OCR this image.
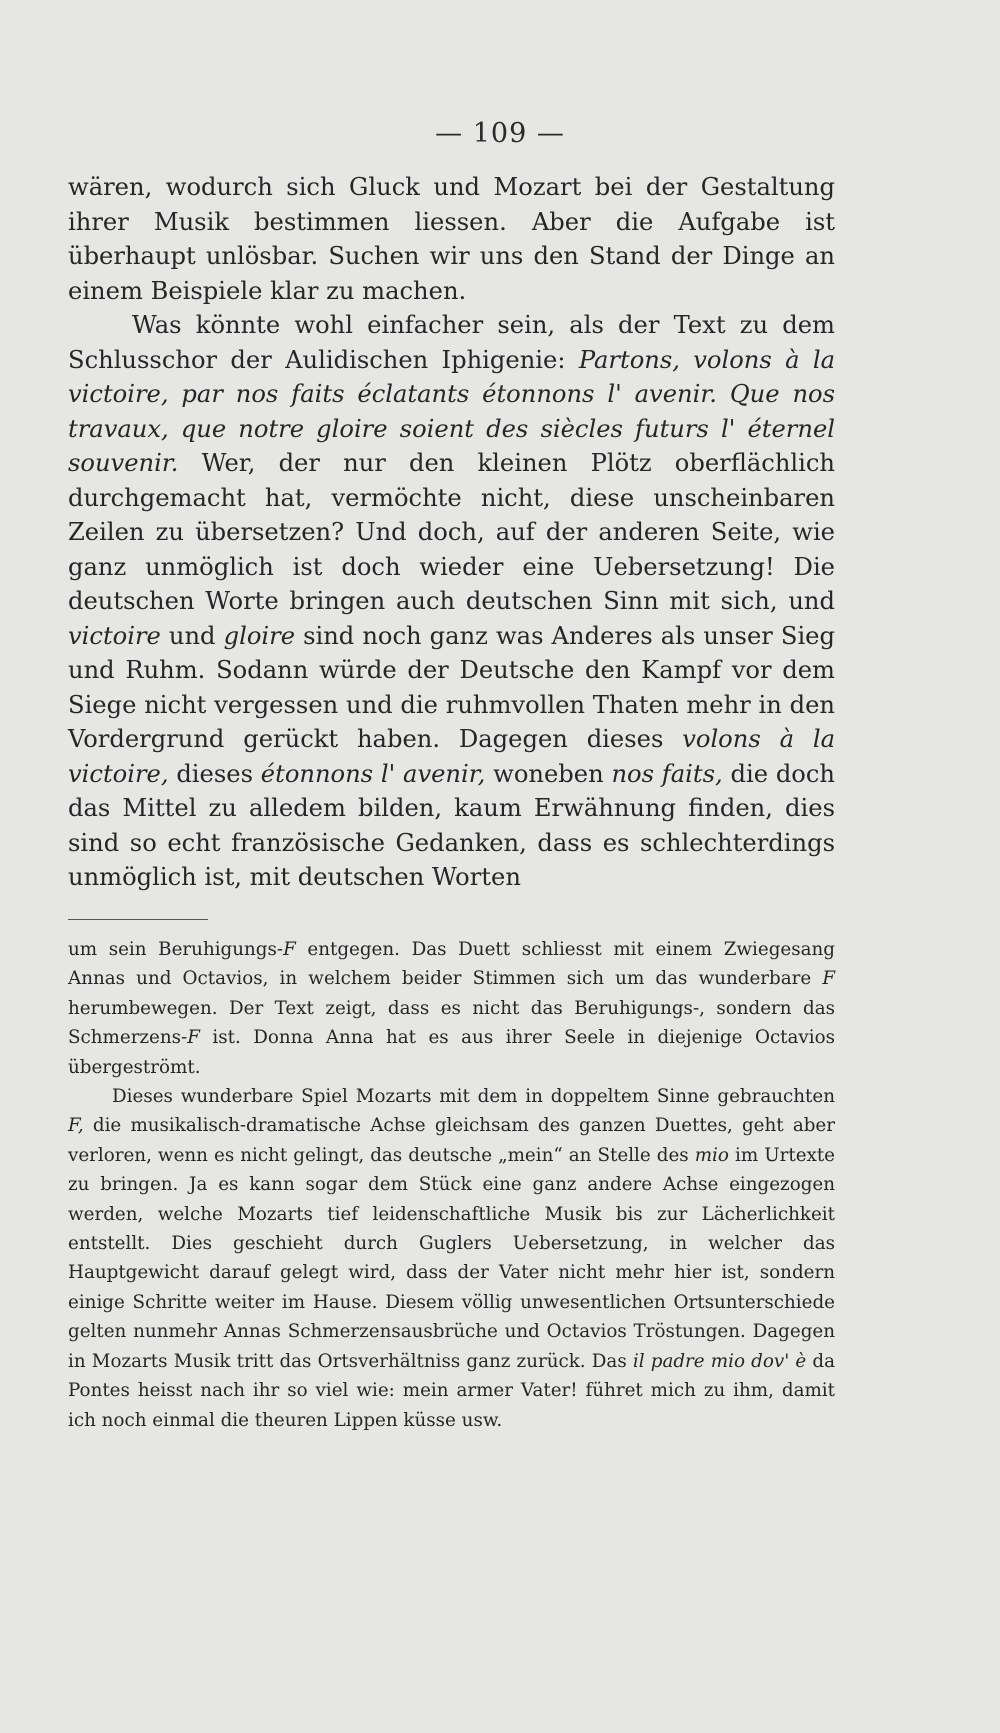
— 109 —

wären, wodurch sich Gluck und Mozart bei der Gestaltung ihrer Musik bestimmen liessen. Aber die Aufgabe ist überhaupt unlösbar. Suchen wir uns den Stand der Dinge an einem Beispiele klar zu machen.

Was könnte wohl einfacher sein, als der Text zu dem Schlusschor der Aulidischen Iphigenie: Partons, volons à la victoire, par nos faits éclatants étonnons l' avenir. Que nos travaux, que notre gloire soient des siècles futurs l' éternel souvenir. Wer, der nur den kleinen Plötz oberflächlich durchgemacht hat, vermöchte nicht, diese unscheinbaren Zeilen zu übersetzen? Und doch, auf der anderen Seite, wie ganz unmöglich ist doch wieder eine Uebersetzung! Die deutschen Worte bringen auch deutschen Sinn mit sich, und victoire und gloire sind noch ganz was Anderes als unser Sieg und Ruhm. Sodann würde der Deutsche den Kampf vor dem Siege nicht vergessen und die ruhmvollen Thaten mehr in den Vordergrund gerückt haben. Dagegen dieses volons à la victoire, dieses étonnons l' avenir, woneben nos faits, die doch das Mittel zu alledem bilden, kaum Erwähnung finden, dies sind so echt französische Gedanken, dass es schlechterdings unmöglich ist, mit deutschen Worten

um sein Beruhigungs-F entgegen. Das Duett schliesst mit einem Zwiegesang Annas und Octavios, in welchem beider Stimmen sich um das wunderbare F herumbewegen. Der Text zeigt, dass es nicht das Beruhigungs-, sondern das Schmerzens-F ist. Donna Anna hat es aus ihrer Seele in diejenige Octavios übergeströmt.

Dieses wunderbare Spiel Mozarts mit dem in doppeltem Sinne gebrauchten F, die musikalisch-dramatische Achse gleichsam des ganzen Duettes, geht aber verloren, wenn es nicht gelingt, das deutsche „mein“ an Stelle des mio im Urtexte zu bringen. Ja es kann sogar dem Stück eine ganz andere Achse eingezogen werden, welche Mozarts tief leidenschaftliche Musik bis zur Lächerlichkeit entstellt. Dies geschieht durch Guglers Uebersetzung, in welcher das Hauptgewicht darauf gelegt wird, dass der Vater nicht mehr hier ist, sondern einige Schritte weiter im Hause. Diesem völlig unwesentlichen Ortsunterschiede gelten nunmehr Annas Schmerzensausbrüche und Octavios Tröstungen. Dagegen in Mozarts Musik tritt das Ortsverhältniss ganz zurück. Das il padre mio dov' è da Pontes heisst nach ihr so viel wie: mein armer Vater! führet mich zu ihm, damit ich noch einmal die theuren Lippen küsse usw.
